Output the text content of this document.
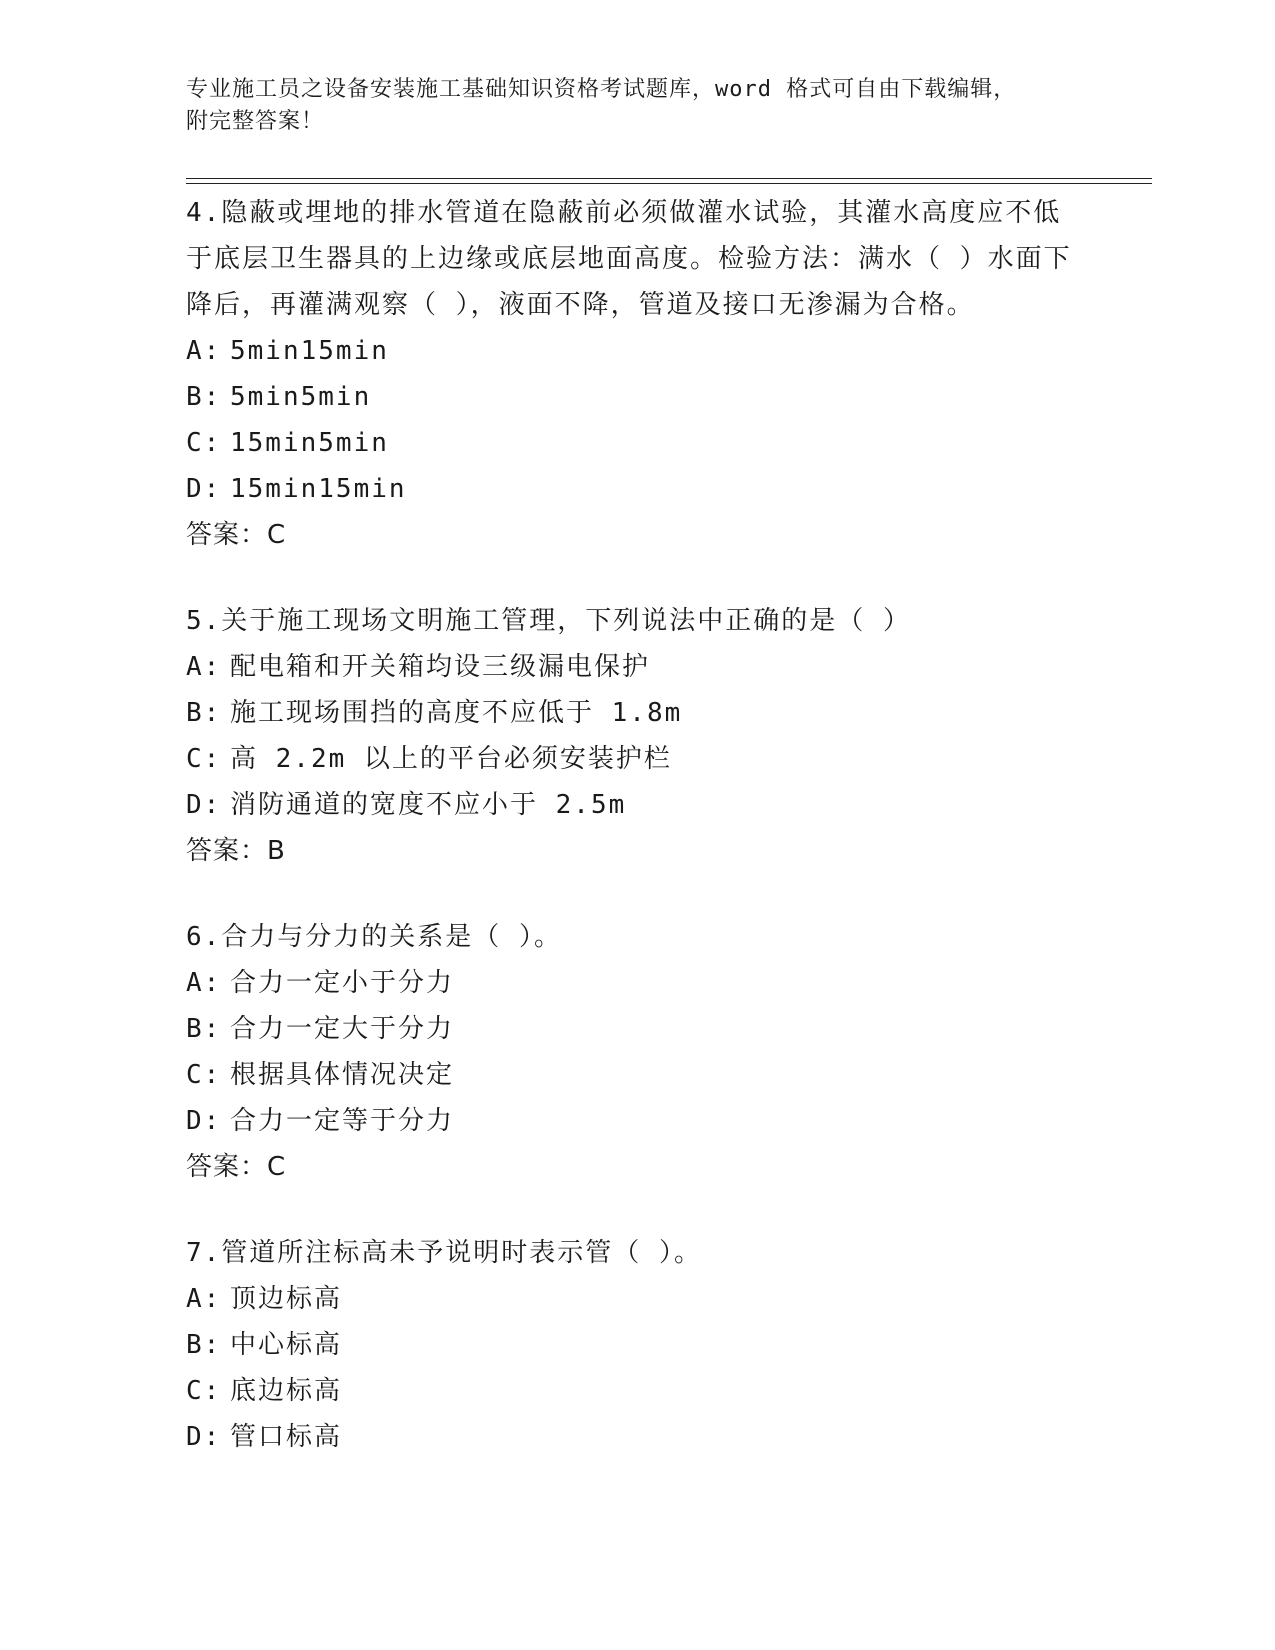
专业施工员之设备安装施工基础知识资格考试题库，word 格式可自由下载编辑，
附完整答案！
4.隐蔽或埋地的排水管道在隐蔽前必须做灌水试验，其灌水高度应不低于底层卫生器具的上边缘或底层地面高度。检验方法：满水（ ）水面下降后，再灌满观察（ ），液面不降，管道及接口无渗漏为合格。
A: 5min15min
B: 5min5min
C: 15min5min
D: 15min15min
答案：C
5.关于施工现场文明施工管理，下列说法中正确的是（ ）
A: 配电箱和开关箱均设三级漏电保护
B: 施工现场围挡的高度不应低于 1.8m
C: 高 2.2m 以上的平台必须安装护栏
D: 消防通道的宽度不应小于 2.5m
答案：B
6.合力与分力的关系是（ ）。
A: 合力一定小于分力
B: 合力一定大于分力
C: 根据具体情况决定
D: 合力一定等于分力
答案：C
7.管道所注标高未予说明时表示管（ ）。
A: 顶边标高
B: 中心标高
C: 底边标高
D: 管口标高
